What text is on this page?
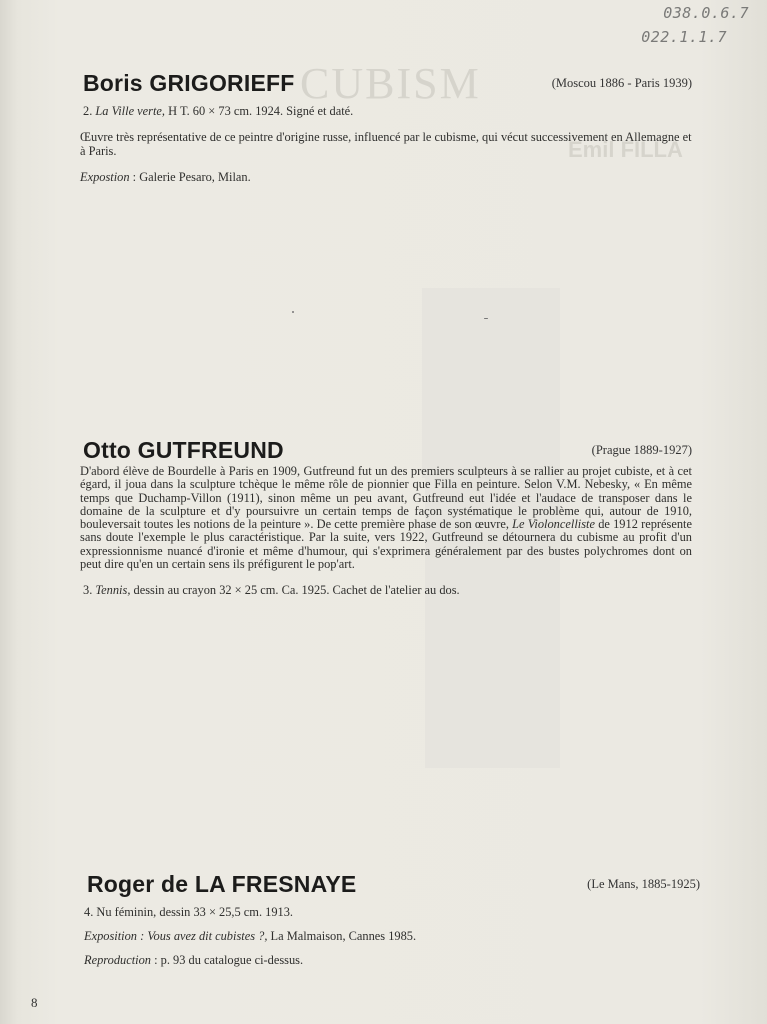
CUBISM
Emil FILLA
038.0.6.7
022.1.1.7
Boris GRIGORIEFF	(Moscou 1886 - Paris 1939)

2. La Ville verte, H T. 60 × 73 cm. 1924. Signé et daté.

Œuvre très représentative de ce peintre d'origine russe, influencé par le cubisme, qui vécut successivement en Allemagne et à Paris.

Expostion : Galerie Pesaro, Milan.

Otto GUTFREUND	(Prague 1889-1927)

D'abord élève de Bourdelle à Paris en 1909, Gutfreund fut un des premiers sculpteurs à se rallier au projet cubiste, et à cet égard, il joua dans la sculpture tchèque le même rôle de pionnier que Filla en peinture. Selon V.M. Nebesky, « En même temps que Duchamp-Villon (1911), sinon même un peu avant, Gutfreund eut l'idée et l'audace de transposer dans le domaine de la sculpture et d'y poursuivre un certain temps de façon systématique le problème qui, autour de 1910, bouleversait toutes les notions de la peinture ». De cette première phase de son œuvre, Le Violoncelliste de 1912 représente sans doute l'exemple le plus caractéristique. Par la suite, vers 1922, Gutfreund se détournera du cubisme au profit d'un expressionnisme nuancé d'ironie et même d'humour, qui s'exprimera généralement par des bustes polychromes dont on peut dire qu'en un certain sens ils préfigurent le pop'art.

3. Tennis, dessin au crayon 32 × 25 cm. Ca. 1925. Cachet de l'atelier au dos.

Roger de LA FRESNAYE	(Le Mans, 1885-1925)

4. Nu féminin, dessin 33 × 25,5 cm. 1913.

Exposition : Vous avez dit cubistes ?, La Malmaison, Cannes 1985.

Reproduction : p. 93 du catalogue ci-dessus.

8
